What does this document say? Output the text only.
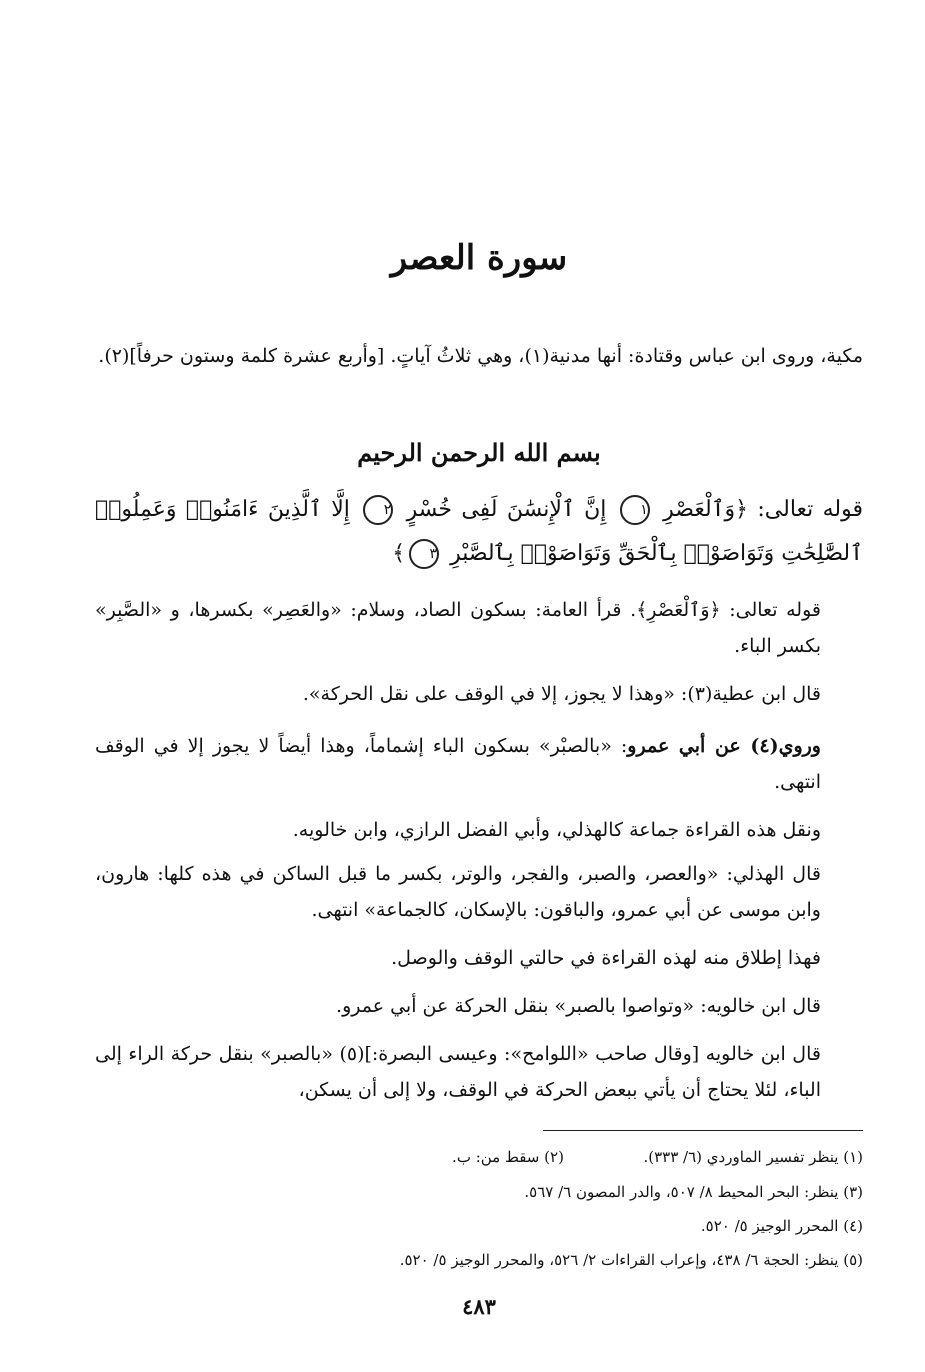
سورة العصر

مكية، وروى ابن عباس وقتادة: أنها مدنية(١)، وهي ثلاثُ آياتٍ. [وأربع عشرة كلمة وستون حرفاً](٢).

بسم الله الرحمن الرحيم
قوله تعالى: ﴿وَٱلْعَصْرِ ١ إِنَّ ٱلْإِنسَٰنَ لَفِى خُسْرٍ ٢ إِلَّا ٱلَّذِينَ ءَامَنُوا۟ وَعَمِلُوا۟ ٱلصَّٰلِحَٰتِ وَتَوَاصَوْا۟ بِٱلْحَقِّ وَتَوَاصَوْا۟ بِٱلصَّبْرِ ٣﴾

قوله تعالى: ﴿وَٱلْعَصْرِ﴾. قرأ العامة: بسكون الصاد، وسلام: «والعَصِر» بكسرها، و «الصَّبِر» بكسر الباء.

قال ابن عطية(٣): «وهذا لا يجوز، إلا في الوقف على نقل الحركة».

وروي(٤) عن أبي عمرو: «بالصبْر» بسكون الباء إشماماً، وهذا أيضاً لا يجوز إلا في الوقف انتهى.

ونقل هذه القراءة جماعة كالهذلي، وأبي الفضل الرازي، وابن خالويه.

قال الهذلي: «والعصر، والصبر، والفجر، والوتر، بكسر ما قبل الساكن في هذه كلها: هارون، وابن موسى عن أبي عمرو، والباقون: بالإسكان، كالجماعة» انتهى.

فهذا إطلاق منه لهذه القراءة في حالتي الوقف والوصل.

قال ابن خالويه: «وتواصوا بالصبر» بنقل الحركة عن أبي عمرو.

قال ابن خالويه [وقال صاحب «اللوامح»: وعيسى البصرة:](٥) «بالصبر» بنقل حركة الراء إلى الباء، لئلا يحتاج أن يأتي ببعض الحركة في الوقف، ولا إلى أن يسكن،

(١) ينظر تفسير الماوردي (٦/ ٣٣٣).  (٢) سقط من: ب.
(٣) ينظر: البحر المحيط ٨/ ٥٠٧، والدر المصون ٦/ ٥٦٧.
(٤) المحرر الوجيز ٥/ ٥٢٠.
(٥) ينظر: الحجة ٦/ ٤٣٨، وإعراب القراءات ٢/ ٥٢٦، والمحرر الوجيز ٥/ ٥٢٠.
٤٨٣
